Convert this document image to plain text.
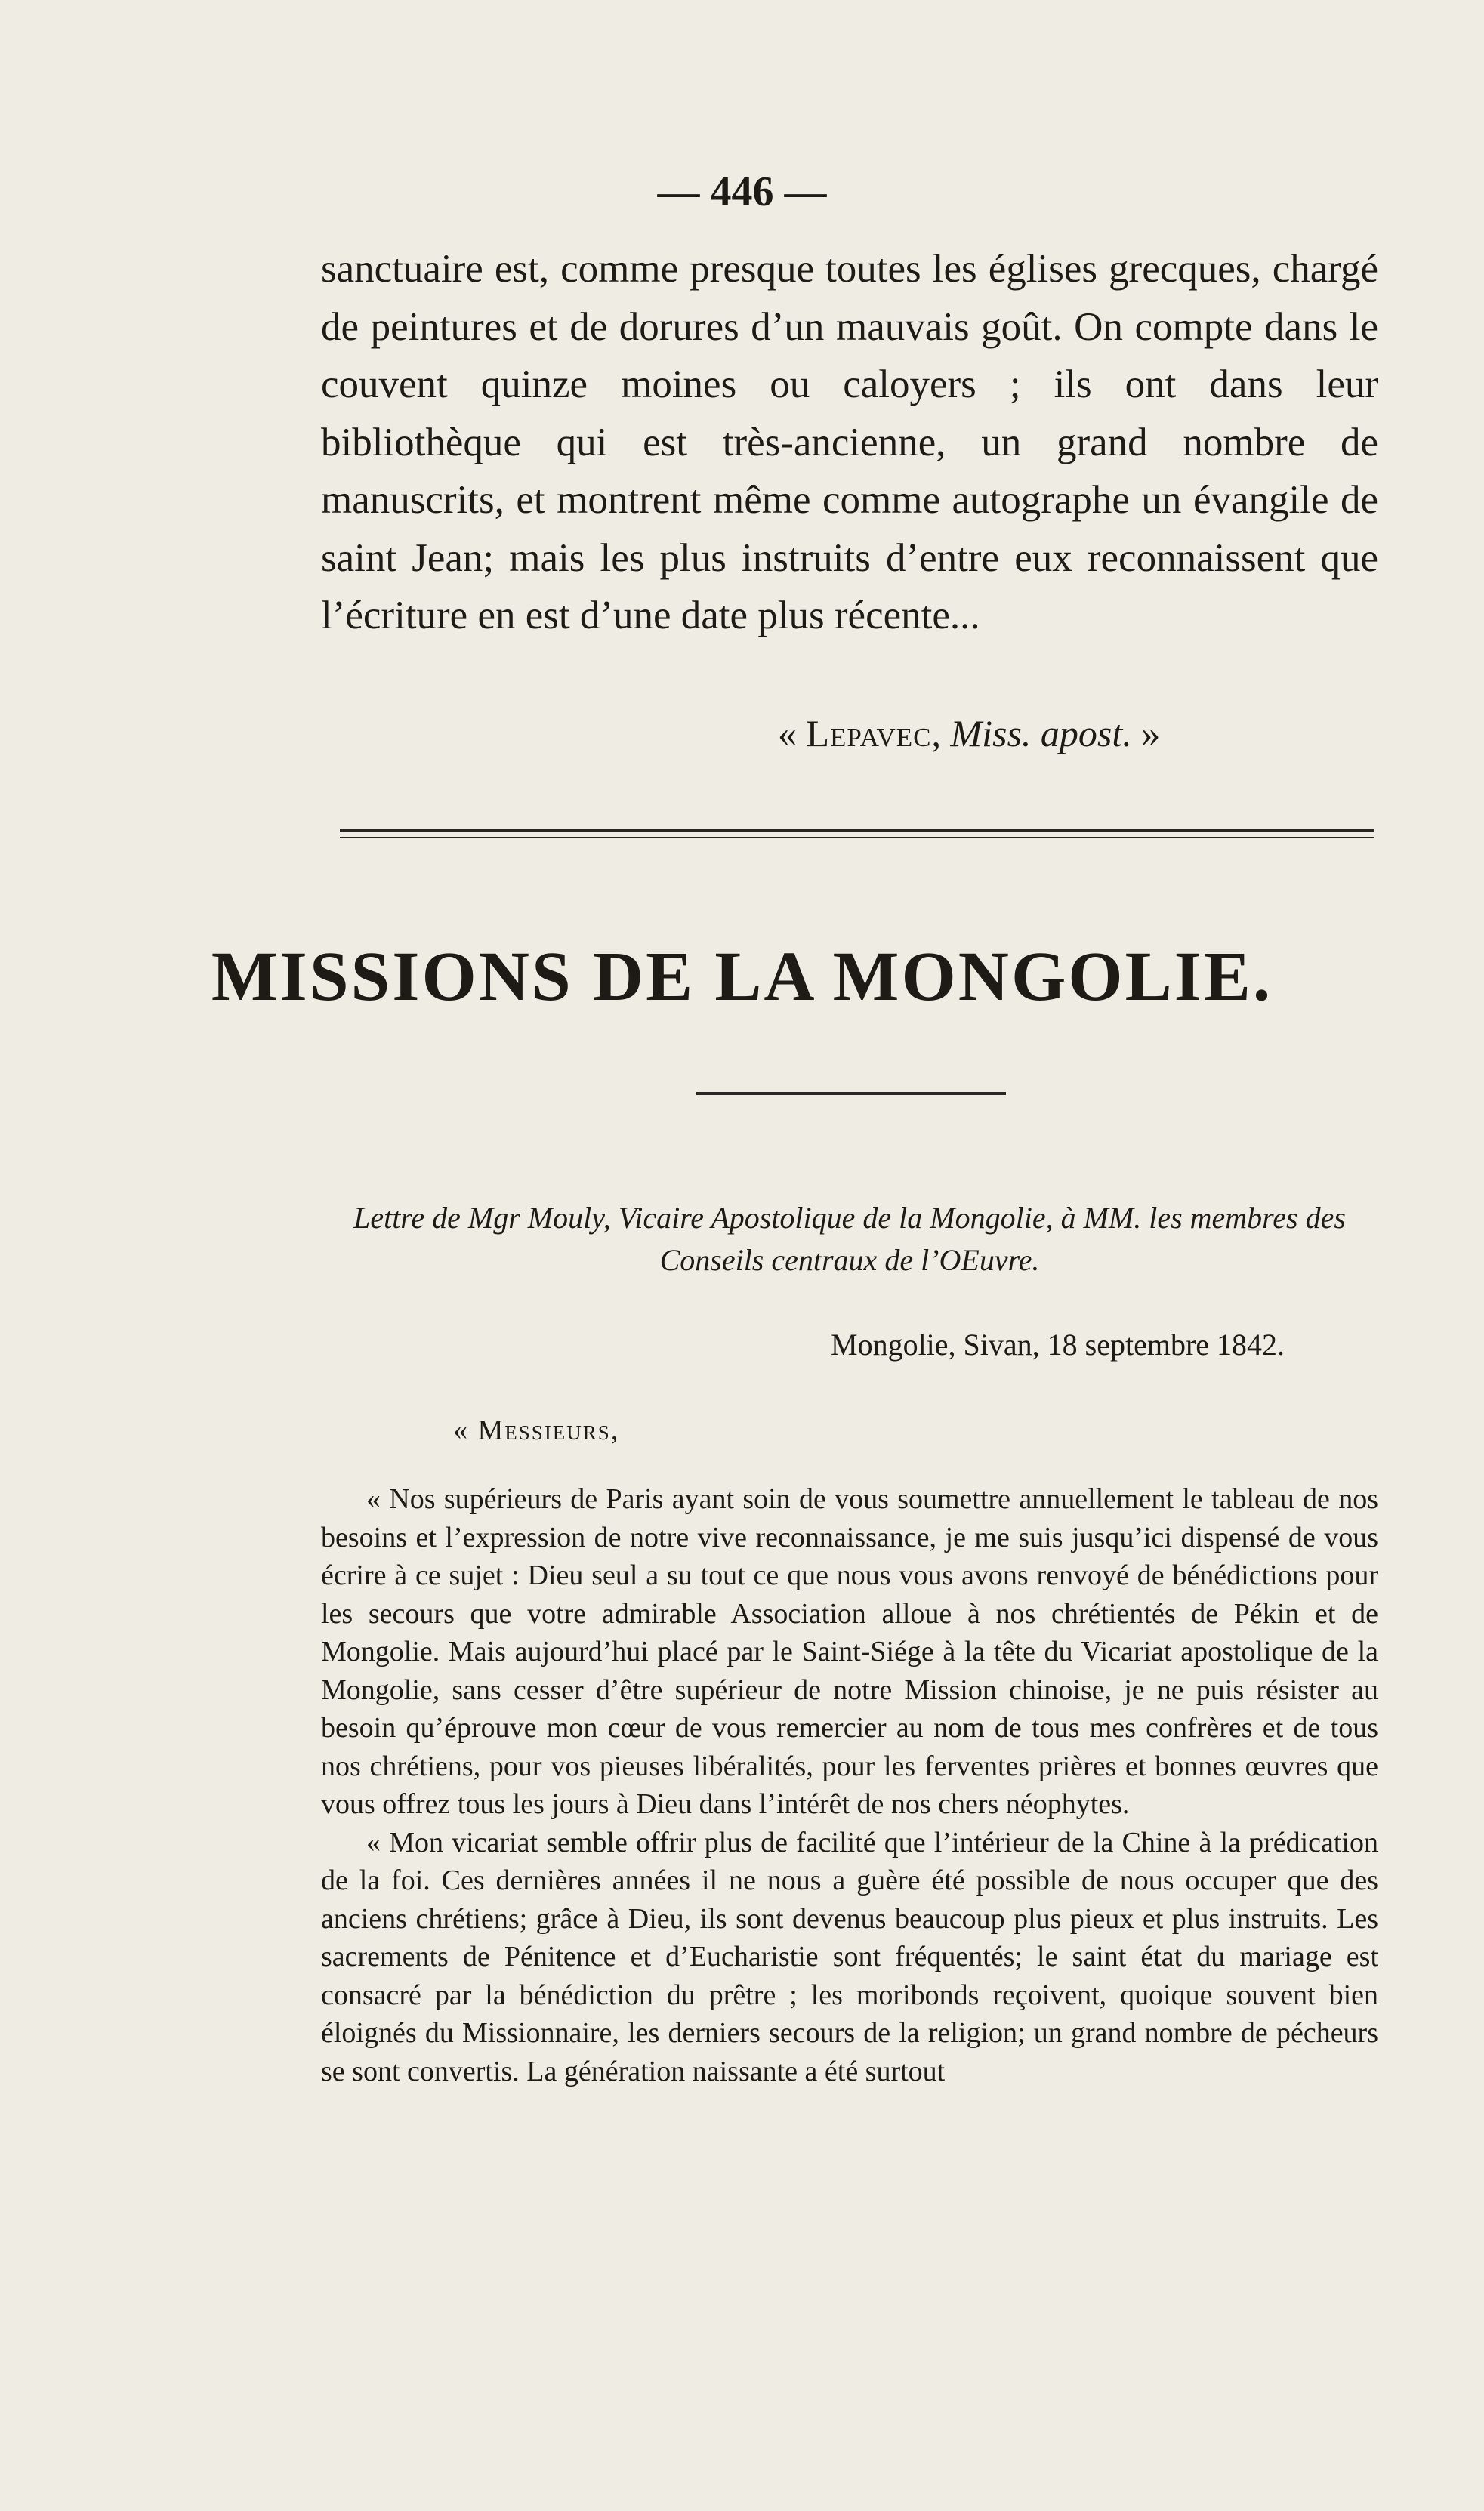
— 446 —
sanctuaire est, comme presque toutes les églises grecques, chargé de peintures et de dorures d’un mauvais goût. On compte dans le couvent quinze moines ou caloyers ; ils ont dans leur bibliothèque qui est très-ancienne, un grand nombre de manuscrits, et montrent même comme autographe un évangile de saint Jean; mais les plus instruits d’entre eux reconnaissent que l’écriture en est d’une date plus récente...
« Lepavec, Miss. apost. »
MISSIONS DE LA MONGOLIE.
Lettre de Mgr Mouly, Vicaire Apostolique de la Mongolie, à MM. les membres des Conseils centraux de l’OEuvre.
Mongolie, Sivan, 18 septembre 1842.
« Messieurs,

« Nos supérieurs de Paris ayant soin de vous soumettre annuellement le tableau de nos besoins et l’expression de notre vive reconnaissance, je me suis jusqu’ici dispensé de vous écrire à ce sujet : Dieu seul a su tout ce que nous vous avons renvoyé de bénédictions pour les secours que votre admirable Association alloue à nos chrétientés de Pékin et de Mongolie. Mais aujourd’hui placé par le Saint-Siége à la tête du Vicariat apostolique de la Mongolie, sans cesser d’être supérieur de notre Mission chinoise, je ne puis résister au besoin qu’éprouve mon cœur de vous remercier au nom de tous mes confrères et de tous nos chrétiens, pour vos pieuses libéralités, pour les ferventes prières et bonnes œuvres que vous offrez tous les jours à Dieu dans l’intérêt de nos chers néophytes.

« Mon vicariat semble offrir plus de facilité que l’intérieur de la Chine à la prédication de la foi. Ces dernières années il ne nous a guère été possible de nous occuper que des anciens chrétiens; grâce à Dieu, ils sont devenus beaucoup plus pieux et plus instruits. Les sacrements de Pénitence et d’Eucharistie sont fréquentés; le saint état du mariage est consacré par la bénédiction du prêtre ; les moribonds reçoivent, quoique souvent bien éloignés du Missionnaire, les derniers secours de la religion; un grand nombre de pécheurs se sont convertis. La génération naissante a été surtout
